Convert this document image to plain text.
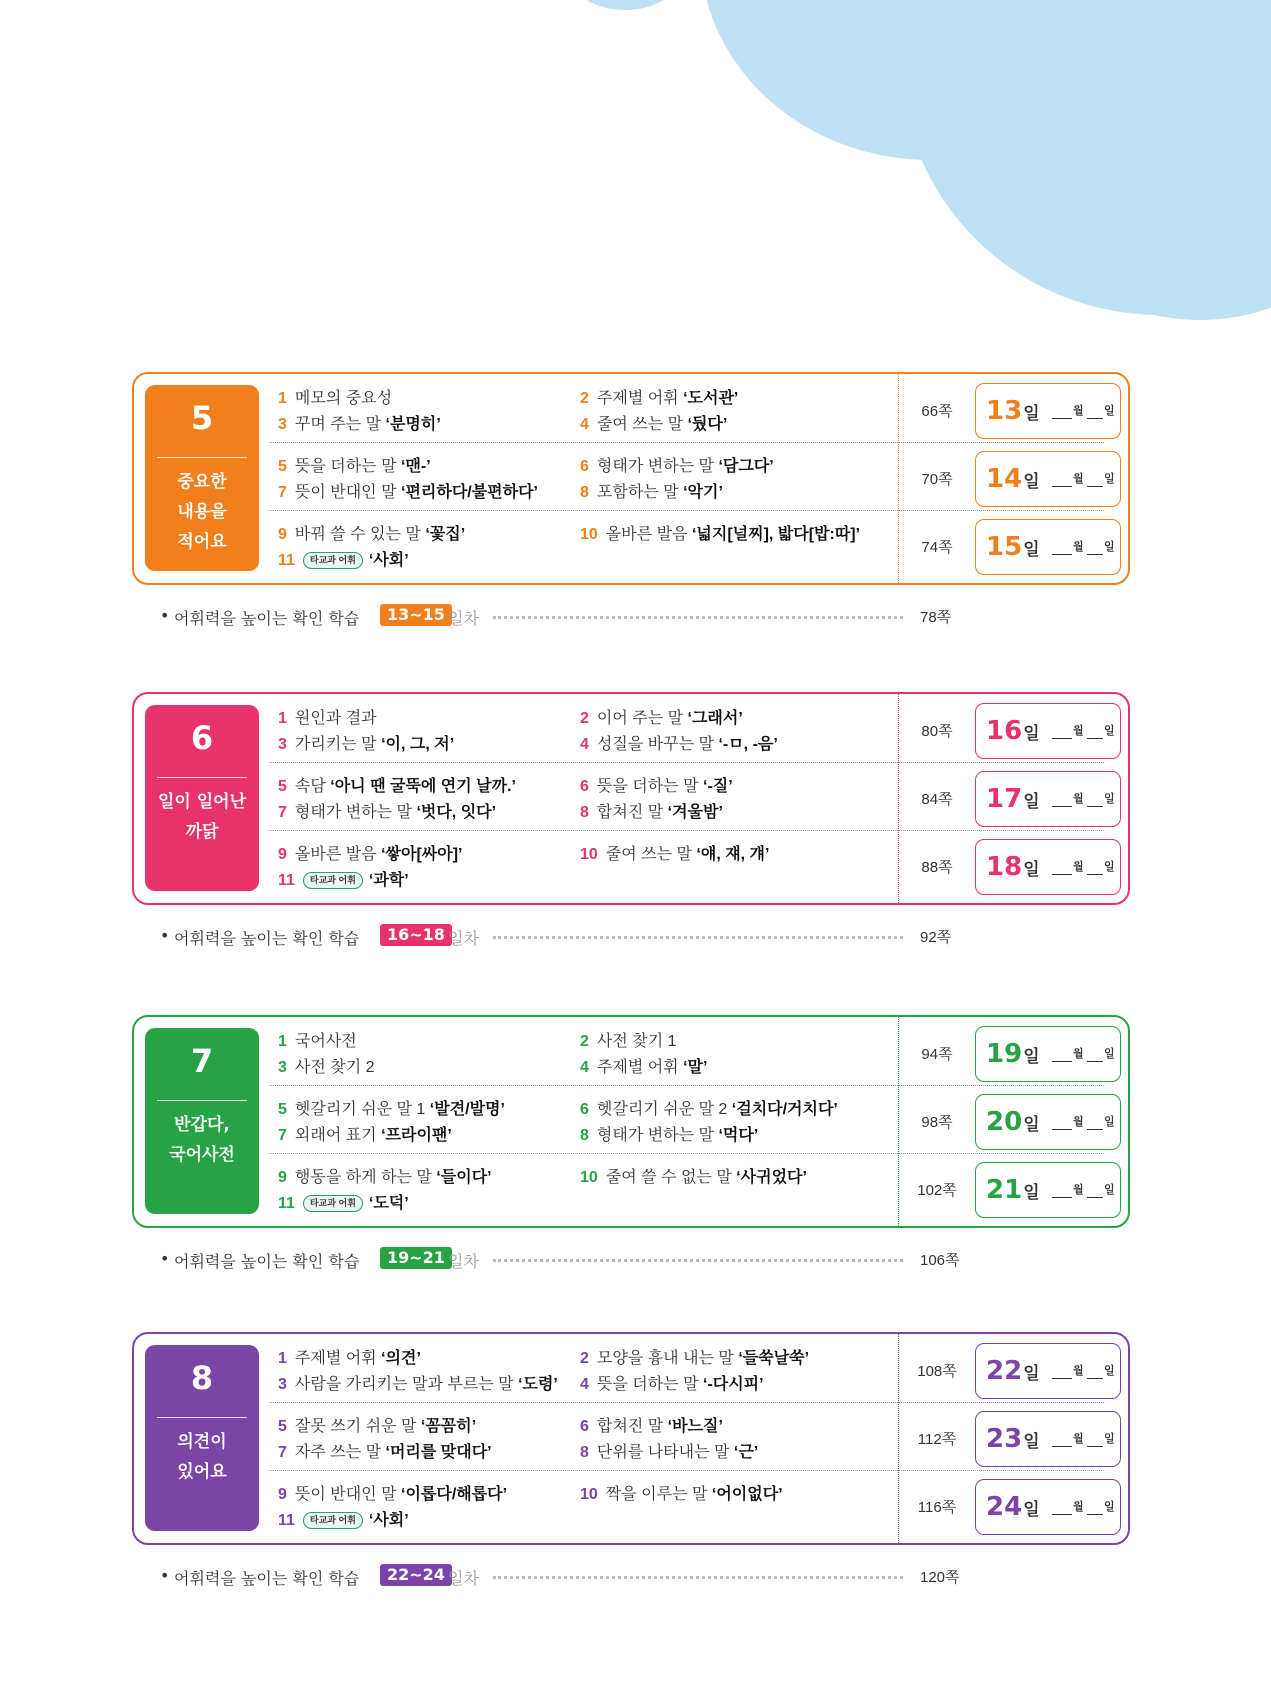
5
중요한
내용을
적어요
1 메모의 중요성	2 주제별 어휘 ‘도서관’
3 꾸며 주는 말 ‘분명히’	4 줄여 쓰는 말 ‘뒀다’
66쪽	13일	월 일
5 뜻을 더하는 말 ‘맨-’	6 형태가 변하는 말 ‘담그다’
7 뜻이 반대인 말 ‘편리하다/불편하다’	8 포함하는 말 ‘악기’
70쪽	14일	월 일
9 바꿔 쓸 수 있는 말 ‘꽃집’	10 올바른 발음 ‘넓지[널찌], 밟다[밥:따]’
11 타교과 어휘 ‘사회’
74쪽	15일	월 일
• 어휘력을 높이는 확인 학습	13~15 일차	78쪽
6
일이 일어난
까닭
1 원인과 결과	2 이어 주는 말 ‘그래서’
3 가리키는 말 ‘이, 그, 저’	4 성질을 바꾸는 말 ‘-ㅁ, -음’
80쪽	16일	월 일
5 속담 ‘아니 땐 굴뚝에 연기 날까.’	6 뜻을 더하는 말 ‘-질’
7 형태가 변하는 말 ‘벗다, 잇다’	8 합쳐진 말 ‘겨울밤’
84쪽	17일	월 일
9 올바른 발음 ‘쌓아[싸아]’	10 줄여 쓰는 말 ‘얘, 쟤, 걔’
11 타교과 어휘 ‘과학’
88쪽	18일	월 일
• 어휘력을 높이는 확인 학습	16~18 일차	92쪽
7
반갑다,
국어사전
1 국어사전	2 사전 찾기 1
3 사전 찾기 2	4 주제별 어휘 ‘말’
94쪽	19일	월 일
5 헷갈리기 쉬운 말 1 ‘발견/발명’	6 헷갈리기 쉬운 말 2 ‘걸치다/거치다’
7 외래어 표기 ‘프라이팬’	8 형태가 변하는 말 ‘먹다’
98쪽	20일	월 일
9 행동을 하게 하는 말 ‘들이다’	10 줄여 쓸 수 없는 말 ‘사귀었다’
11 타교과 어휘 ‘도덕’
102쪽	21일	월 일
• 어휘력을 높이는 확인 학습	19~21 일차	106쪽
8
의견이
있어요
1 주제별 어휘 ‘의견’	2 모양을 흉내 내는 말 ‘들쑥날쑥’
3 사람을 가리키는 말과 부르는 말 ‘도령’ 4 뜻을 더하는 말 ‘-다시피’
108쪽	22일	월 일
5 잘못 쓰기 쉬운 말 ‘꼼꼼히’	6 합쳐진 말 ‘바느질’
7 자주 쓰는 말 ‘머리를 맞대다’	8 단위를 나타내는 말 ‘근’
112쪽	23일	월 일
9 뜻이 반대인 말 ‘이롭다/해롭다’	10 짝을 이루는 말 ‘어이없다’
11 타교과 어휘 ‘사회’
116쪽	24일	월 일
• 어휘력을 높이는 확인 학습	22~24 일차	120쪽
